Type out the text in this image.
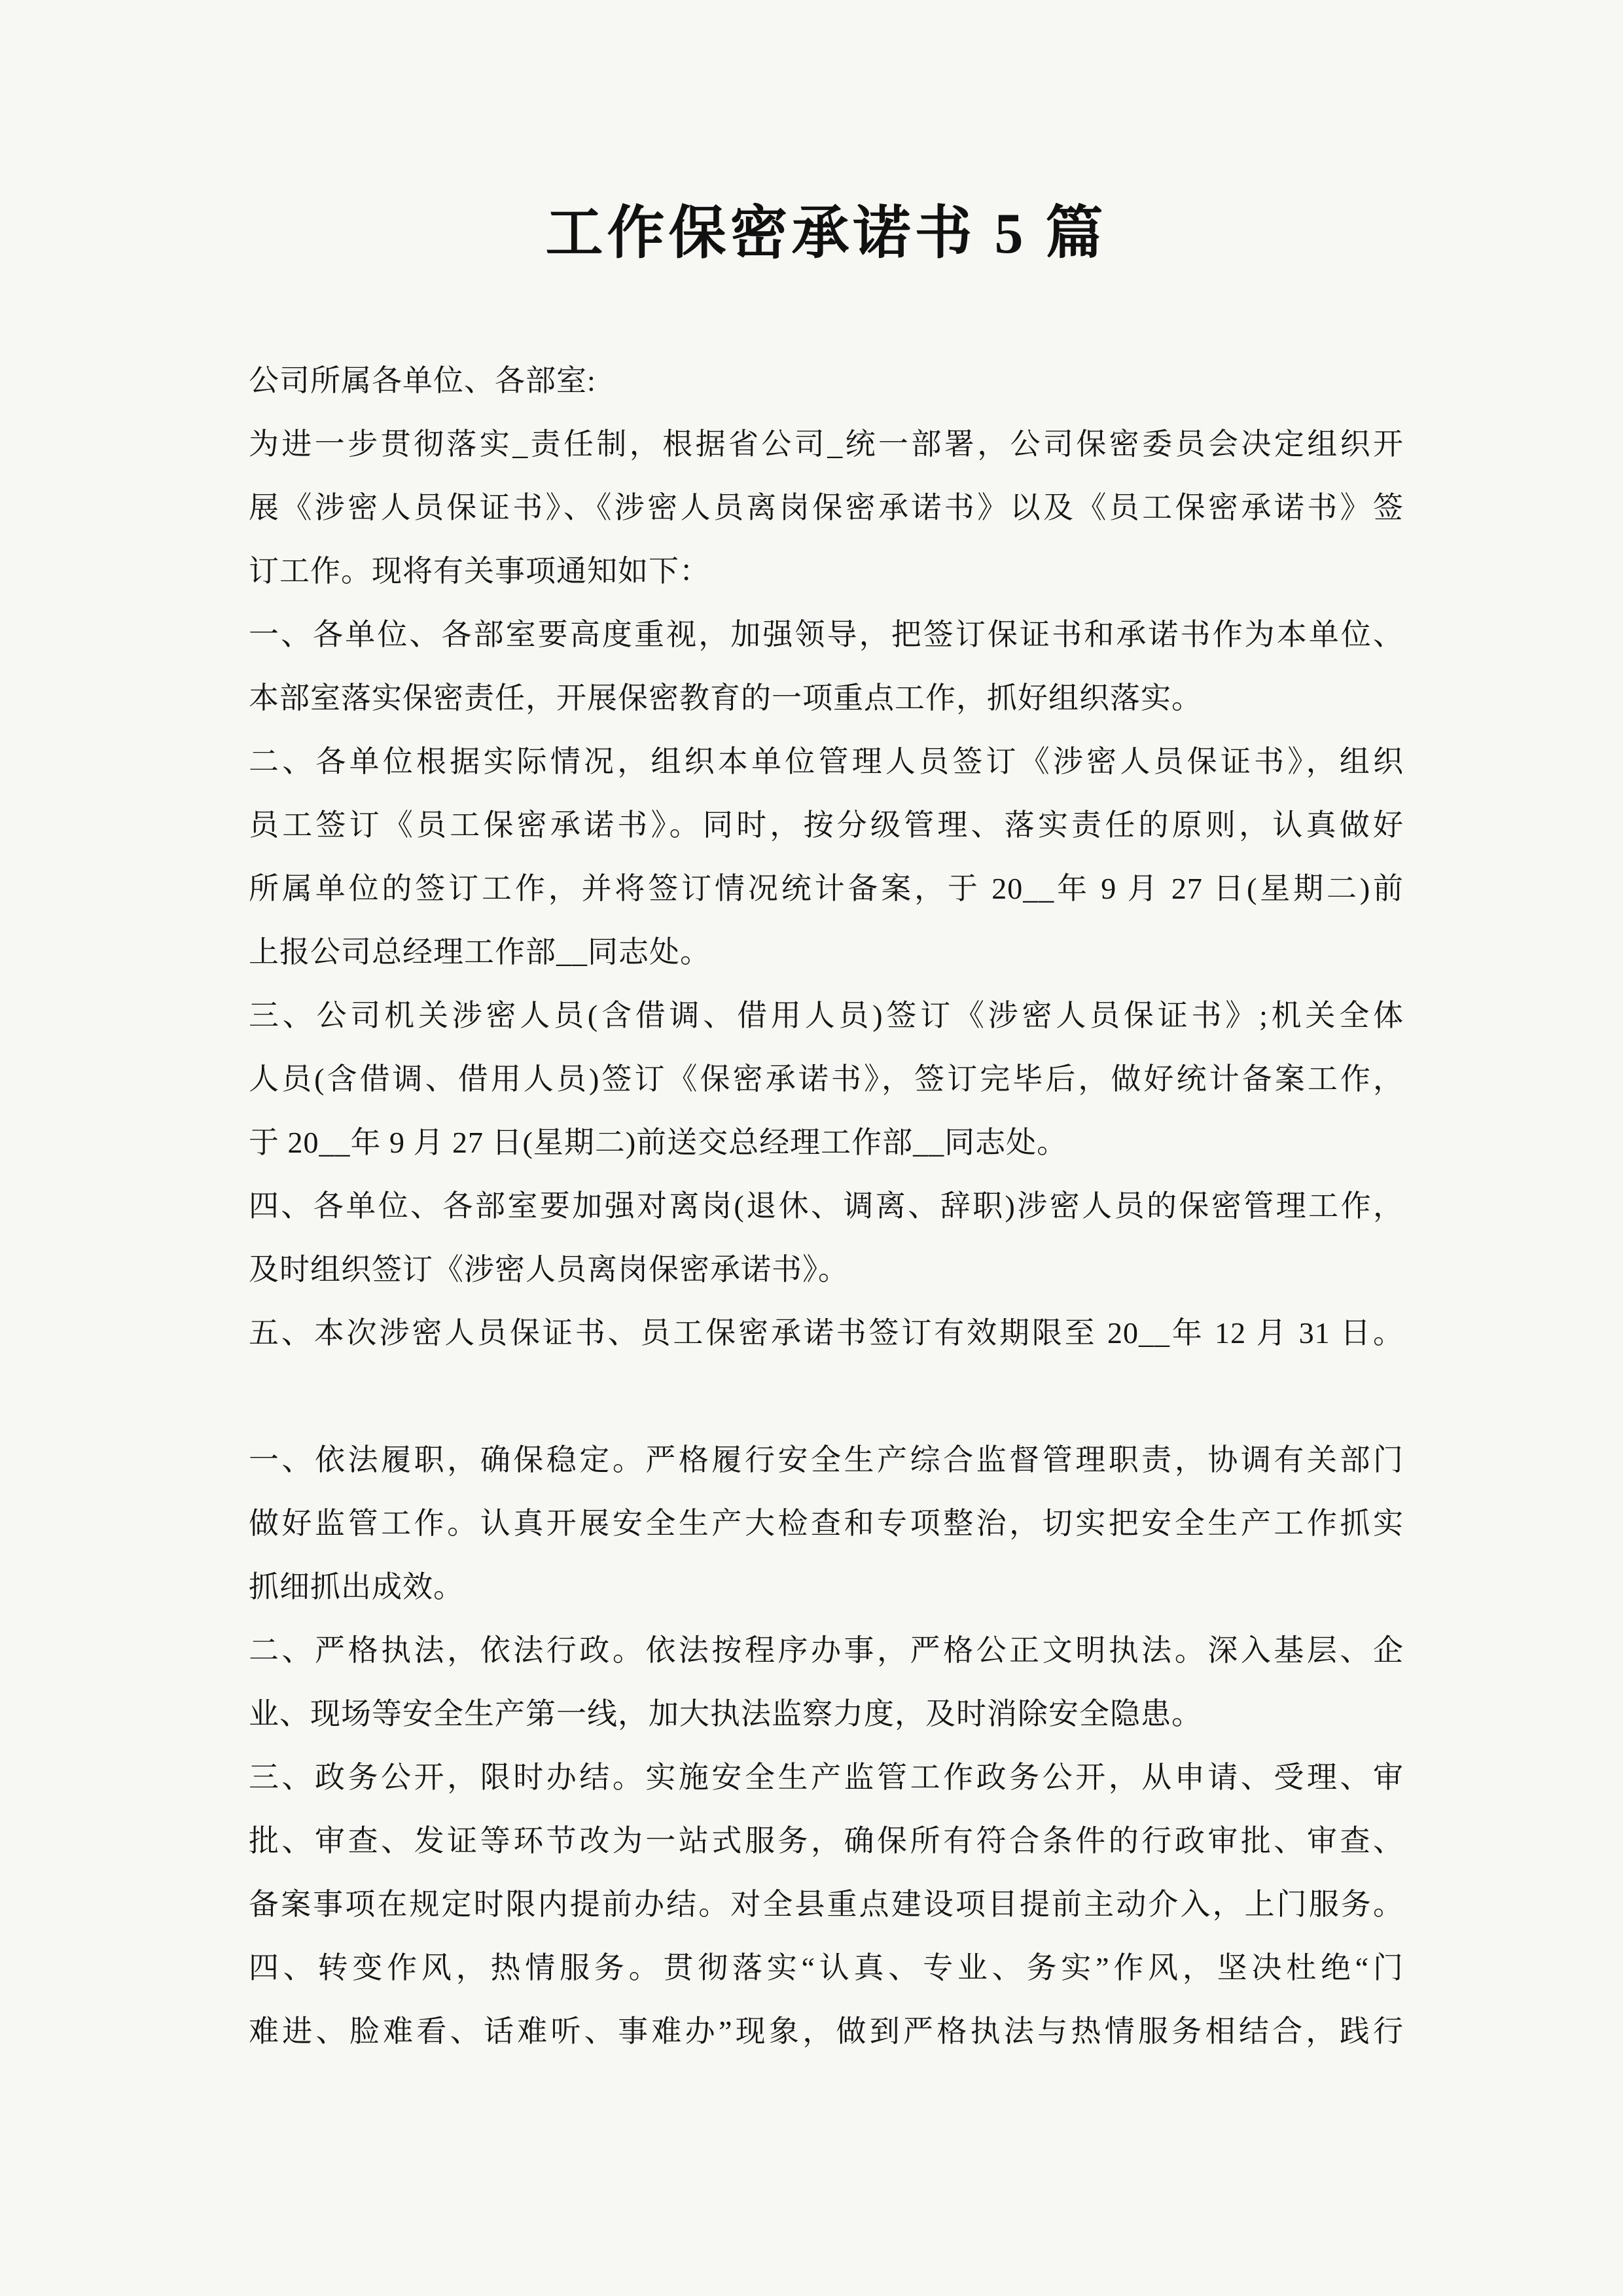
工作保密承诺书 5 篇
公司所属各单位、各部室:
为进一步贯彻落实_责任制，根据省公司_统一部署，公司保密委员会决定组织开
展《涉密人员保证书》、《涉密人员离岗保密承诺书》以及《员工保密承诺书》签
订工作。现将有关事项通知如下：
一、各单位、各部室要高度重视，加强领导，把签订保证书和承诺书作为本单位、
本部室落实保密责任，开展保密教育的一项重点工作，抓好组织落实。
二、各单位根据实际情况，组织本单位管理人员签订《涉密人员保证书》，组织
员工签订《员工保密承诺书》。同时，按分级管理、落实责任的原则，认真做好
所属单位的签订工作，并将签订情况统计备案，于 20__年 9 月 27 日(星期二)前
上报公司总经理工作部__同志处。
三、公司机关涉密人员(含借调、借用人员)签订《涉密人员保证书》;机关全体
人员(含借调、借用人员)签订《保密承诺书》，签订完毕后，做好统计备案工作，
于 20__年 9 月 27 日(星期二)前送交总经理工作部__同志处。
四、各单位、各部室要加强对离岗(退休、调离、辞职)涉密人员的保密管理工作，
及时组织签订《涉密人员离岗保密承诺书》。
五、本次涉密人员保证书、员工保密承诺书签订有效期限至 20__年 12 月 31 日。
一、依法履职，确保稳定。严格履行安全生产综合监督管理职责，协调有关部门
做好监管工作。认真开展安全生产大检查和专项整治，切实把安全生产工作抓实
抓细抓出成效。
二、严格执法，依法行政。依法按程序办事，严格公正文明执法。深入基层、企
业、现场等安全生产第一线，加大执法监察力度，及时消除安全隐患。
三、政务公开，限时办结。实施安全生产监管工作政务公开，从申请、受理、审
批、审查、发证等环节改为一站式服务，确保所有符合条件的行政审批、审查、
备案事项在规定时限内提前办结。对全县重点建设项目提前主动介入，上门服务。
四、转变作风，热情服务。贯彻落实“认真、专业、务实”作风，坚决杜绝“门
难进、脸难看、话难听、事难办”现象，做到严格执法与热情服务相结合，践行
